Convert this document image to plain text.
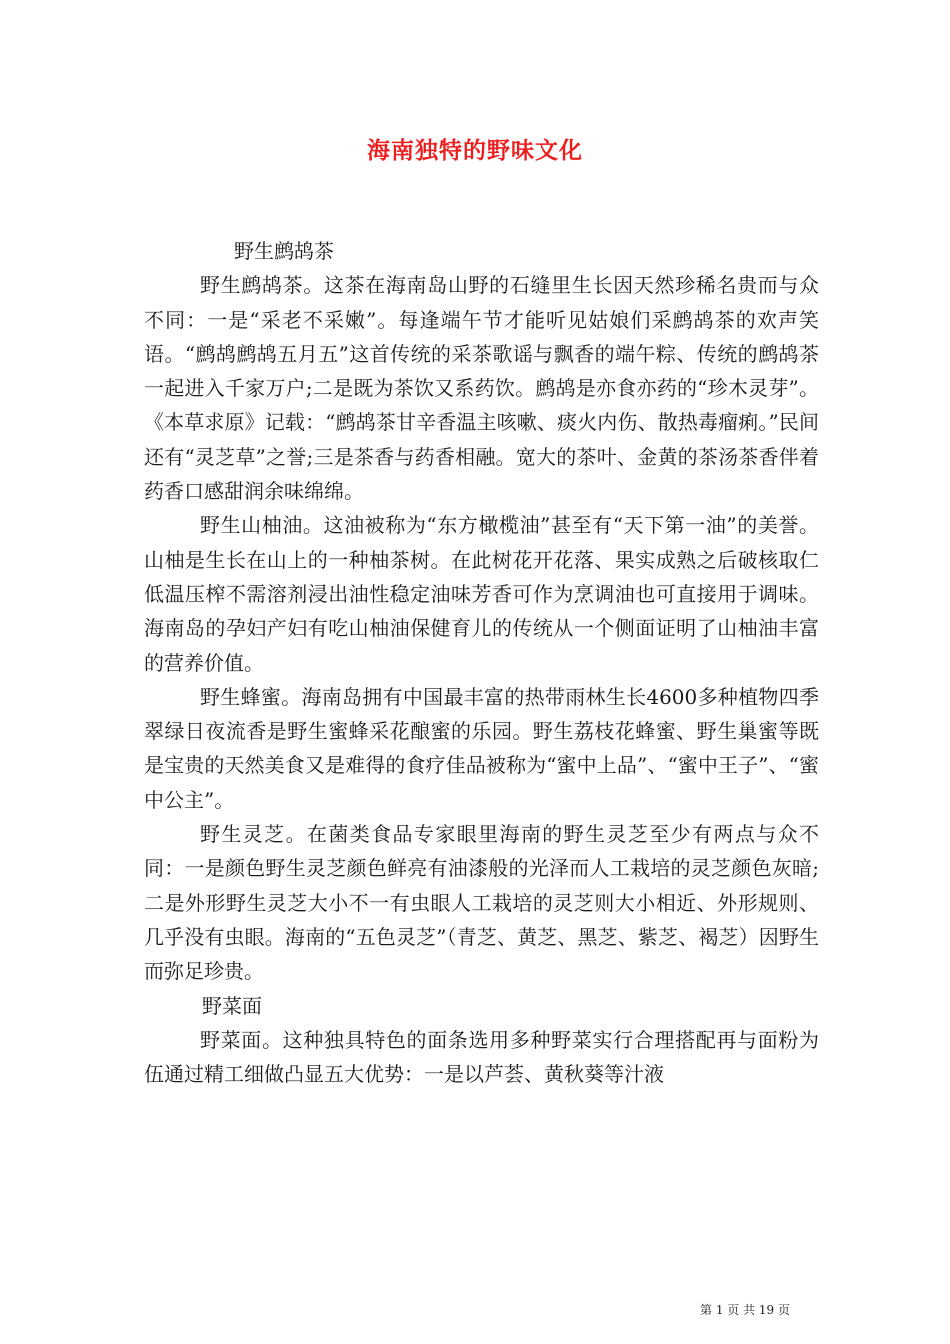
海南独特的野味文化

野生鹧鸪茶

野生鹧鸪茶。这茶在海南岛山野的石缝里生长因天然珍稀名贵而与众不同：一是“采老不采嫩”。每逢端午节才能听见姑娘们采鹧鸪茶的欢声笑语。“鹧鸪鹧鸪五月五”这首传统的采茶歌谣与飘香的端午粽、传统的鹧鸪茶一起进入千家万户;二是既为茶饮又系药饮。鹧鸪是亦食亦药的“珍木灵芽”。《本草求原》记载：“鹧鸪茶甘辛香温主咳嗽、痰火内伤、散热毒瘤痢。”民间还有“灵芝草”之誉;三是茶香与药香相融。宽大的茶叶、金黄的茶汤茶香伴着药香口感甜润余味绵绵。

野生山柚油。这油被称为“东方橄榄油”甚至有“天下第一油”的美誉。山柚是生长在山上的一种柚茶树。在此树花开花落、果实成熟之后破核取仁低温压榨不需溶剂浸出油性稳定油味芳香可作为烹调油也可直接用于调味。海南岛的孕妇产妇有吃山柚油保健育儿的传统从一个侧面证明了山柚油丰富的营养价值。

野生蜂蜜。海南岛拥有中国最丰富的热带雨林生长4600多种植物四季翠绿日夜流香是野生蜜蜂采花酿蜜的乐园。野生荔枝花蜂蜜、野生巢蜜等既是宝贵的天然美食又是难得的食疗佳品被称为“蜜中上品”、“蜜中王子”、“蜜中公主”。

野生灵芝。在菌类食品专家眼里海南的野生灵芝至少有两点与众不同：一是颜色野生灵芝颜色鲜亮有油漆般的光泽而人工栽培的灵芝颜色灰暗;二是外形野生灵芝大小不一有虫眼人工栽培的灵芝则大小相近、外形规则、几乎没有虫眼。海南的“五色灵芝”（青芝、黄芝、黑芝、紫芝、褐芝）因野生而弥足珍贵。

野菜面

野菜面。这种独具特色的面条选用多种野菜实行合理搭配再与面粉为伍通过精工细做凸显五大优势：一是以芦荟、黄秋葵等汁液

第 1 页 共 19 页
